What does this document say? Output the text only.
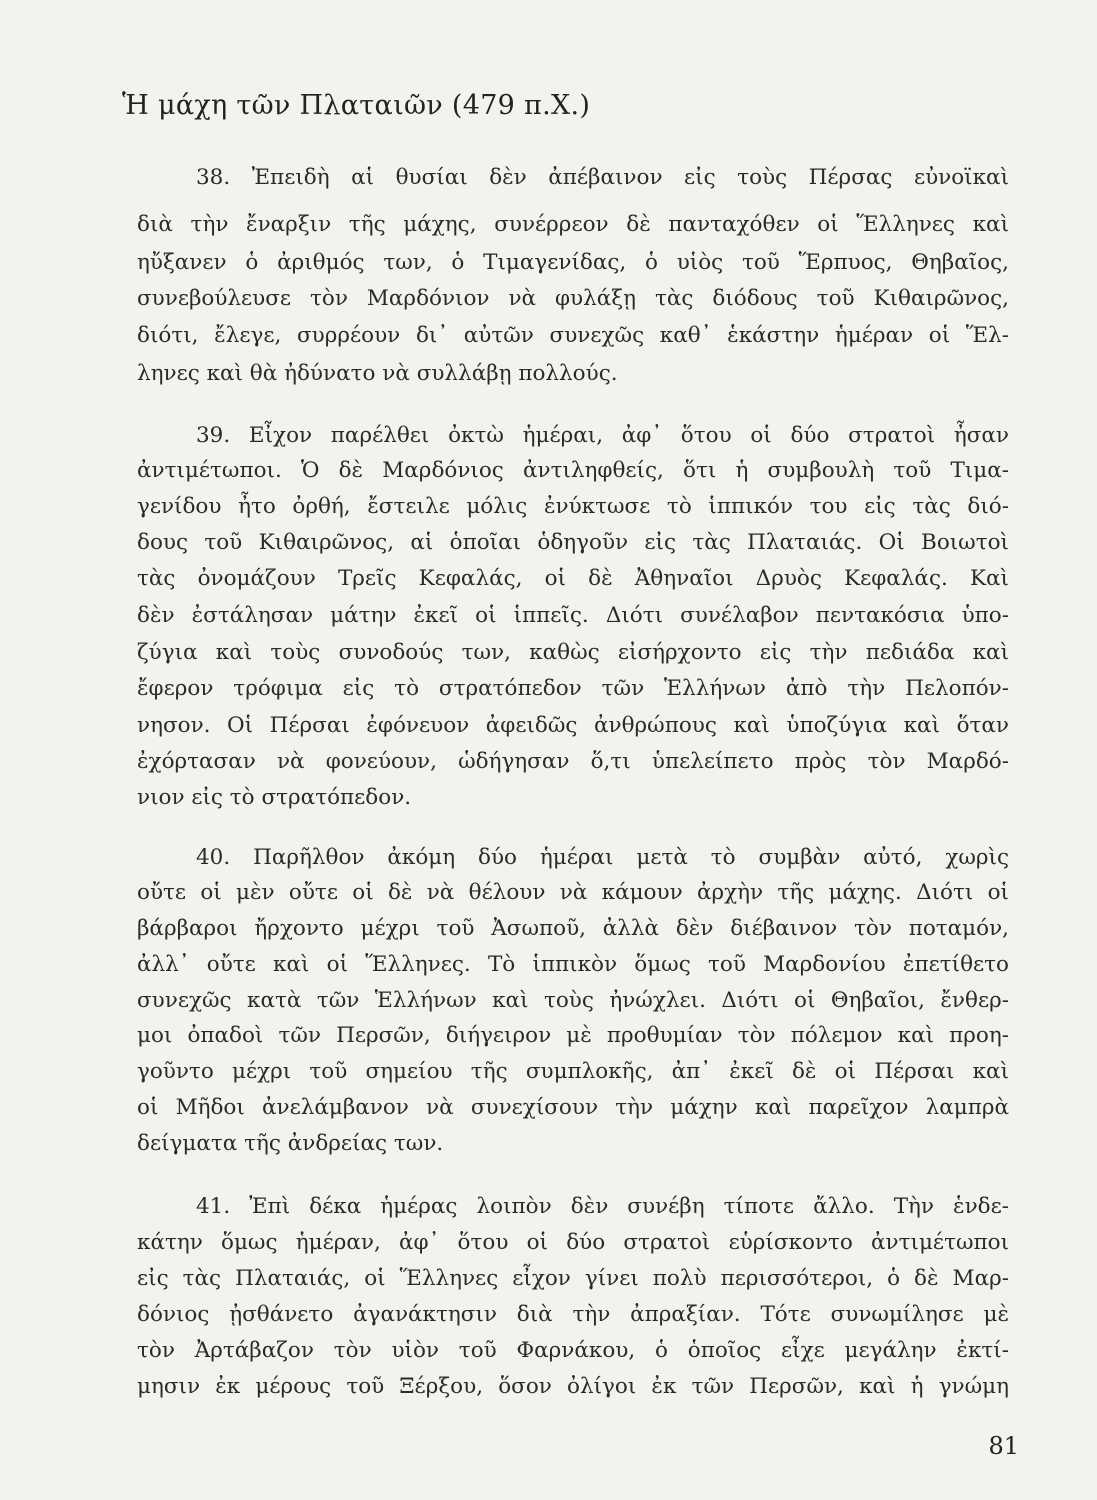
Ἡ μάχη τῶν Πλαταιῶν (479 π.Χ.)
38. Ἐπειδὴ αἱ θυσίαι δὲν ἀπέβαινον εἰς τοὺς Πέρσας εὐνοϊκαὶ
διὰ τὴν ἔναρξιν τῆς μάχης, συνέρρεον δὲ πανταχόθεν οἱ Ἕλληνες καὶ
ηὔξανεν ὁ ἀριθμός των, ὁ Τιμαγενίδας, ὁ υἱὸς τοῦ Ἕρπυος, Θηβαῖος,
συνεβούλευσε τὸν Μαρδόνιον νὰ φυλάξῃ τὰς διόδους τοῦ Κιθαιρῶνος,
διότι, ἔλεγε, συρρέουν δι᾽ αὐτῶν συνεχῶς καθ᾽ ἑκάστην ἡμέραν οἱ Ἕλ-
ληνες καὶ θὰ ἠδύνατο νὰ συλλάβῃ πολλούς.
39. Εἶχον παρέλθει ὀκτὼ ἡμέραι, ἀφ᾽ ὅτου οἱ δύο στρατοὶ ἦσαν
ἀντιμέτωποι. Ὁ δὲ Μαρδόνιος ἀντιληφθείς, ὅτι ἡ συμβουλὴ τοῦ Τιμα-
γενίδου ἦτο ὀρθή, ἔστειλε μόλις ἐνύκτωσε τὸ ἱππικόν του εἰς τὰς διό-
δους τοῦ Κιθαιρῶνος, αἱ ὁποῖαι ὁδηγοῦν εἰς τὰς Πλαταιάς. Οἱ Βοιωτοὶ
τὰς ὀνομάζουν Τρεῖς Κεφαλάς, οἱ δὲ Ἀθηναῖοι Δρυὸς Κεφαλάς. Καὶ
δὲν ἐστάλησαν μάτην ἐκεῖ οἱ ἱππεῖς. Διότι συνέλαβον πεντακόσια ὑπο-
ζύγια καὶ τοὺς συνοδούς των, καθὼς εἰσήρχοντο εἰς τὴν πεδιάδα καὶ
ἔφερον τρόφιμα εἰς τὸ στρατόπεδον τῶν Ἑλλήνων ἀπὸ τὴν Πελοπόν-
νησον. Οἱ Πέρσαι ἐφόνευον ἀφειδῶς ἀνθρώπους καὶ ὑποζύγια καὶ ὅταν
ἐχόρτασαν νὰ φονεύουν, ὡδήγησαν ὅ,τι ὑπελείπετο πρὸς τὸν Μαρδό-
νιον εἰς τὸ στρατόπεδον.
40. Παρῆλθον ἀκόμη δύο ἡμέραι μετὰ τὸ συμβὰν αὐτό, χωρὶς
οὔτε οἱ μὲν οὔτε οἱ δὲ νὰ θέλουν νὰ κάμουν ἀρχὴν τῆς μάχης. Διότι οἱ
βάρβαροι ἤρχοντο μέχρι τοῦ Ἀσωποῦ, ἀλλὰ δὲν διέβαινον τὸν ποταμόν,
ἀλλ᾽ οὔτε καὶ οἱ Ἕλληνες. Τὸ ἱππικὸν ὅμως τοῦ Μαρδονίου ἐπετίθετο
συνεχῶς κατὰ τῶν Ἑλλήνων καὶ τοὺς ἠνώχλει. Διότι οἱ Θηβαῖοι, ἔνθερ-
μοι ὀπαδοὶ τῶν Περσῶν, διήγειρον μὲ προθυμίαν τὸν πόλεμον καὶ προη-
γοῦντο μέχρι τοῦ σημείου τῆς συμπλοκῆς, ἀπ᾽ ἐκεῖ δὲ οἱ Πέρσαι καὶ
οἱ Μῆδοι ἀνελάμβανον νὰ συνεχίσουν τὴν μάχην καὶ παρεῖχον λαμπρὰ
δείγματα τῆς ἀνδρείας των.
41. Ἐπὶ δέκα ἡμέρας λοιπὸν δὲν συνέβη τίποτε ἄλλο. Τὴν ἑνδε-
κάτην ὅμως ἡμέραν, ἀφ᾽ ὅτου οἱ δύο στρατοὶ εὑρίσκοντο ἀντιμέτωποι
εἰς τὰς Πλαταιάς, οἱ Ἕλληνες εἶχον γίνει πολὺ περισσότεροι, ὁ δὲ Μαρ-
δόνιος ᾐσθάνετο ἀγανάκτησιν διὰ τὴν ἀπραξίαν. Τότε συνωμίλησε μὲ
τὸν Ἀρτάβαζον τὸν υἱὸν τοῦ Φαρνάκου, ὁ ὁποῖος εἶχε μεγάλην ἐκτί-
μησιν ἐκ μέρους τοῦ Ξέρξου, ὅσον ὀλίγοι ἐκ τῶν Περσῶν, καὶ ἡ γνώμη
81
